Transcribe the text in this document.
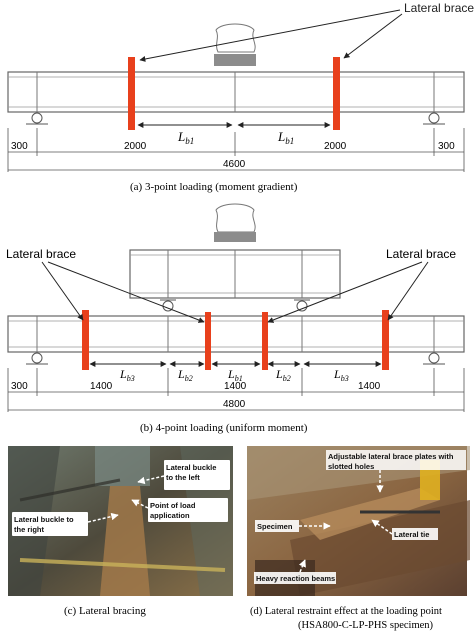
Lateral brace
$L_{b1}$	$L_{b1}$
300	2000	2000	300
4600
(a) 3-point loading (moment gradient)
Lateral brace	Lateral brace
$L_{b3}$	$L_{b2}$	$L_{b1}$	$L_{b2}$	$L_{b3}$
300	1400	1400	1400
4800
(b) 4-point loading (uniform moment)
Lateral buckle to the right
Lateral buckle to the left
Point of load application
(c) Lateral bracing
Adjustable lateral brace plates with slotted holes
Specimen
Lateral tie
Heavy reaction beams
(d) Lateral restraint effect at the loading point
(HSA800-C-LP-PHS specimen)
